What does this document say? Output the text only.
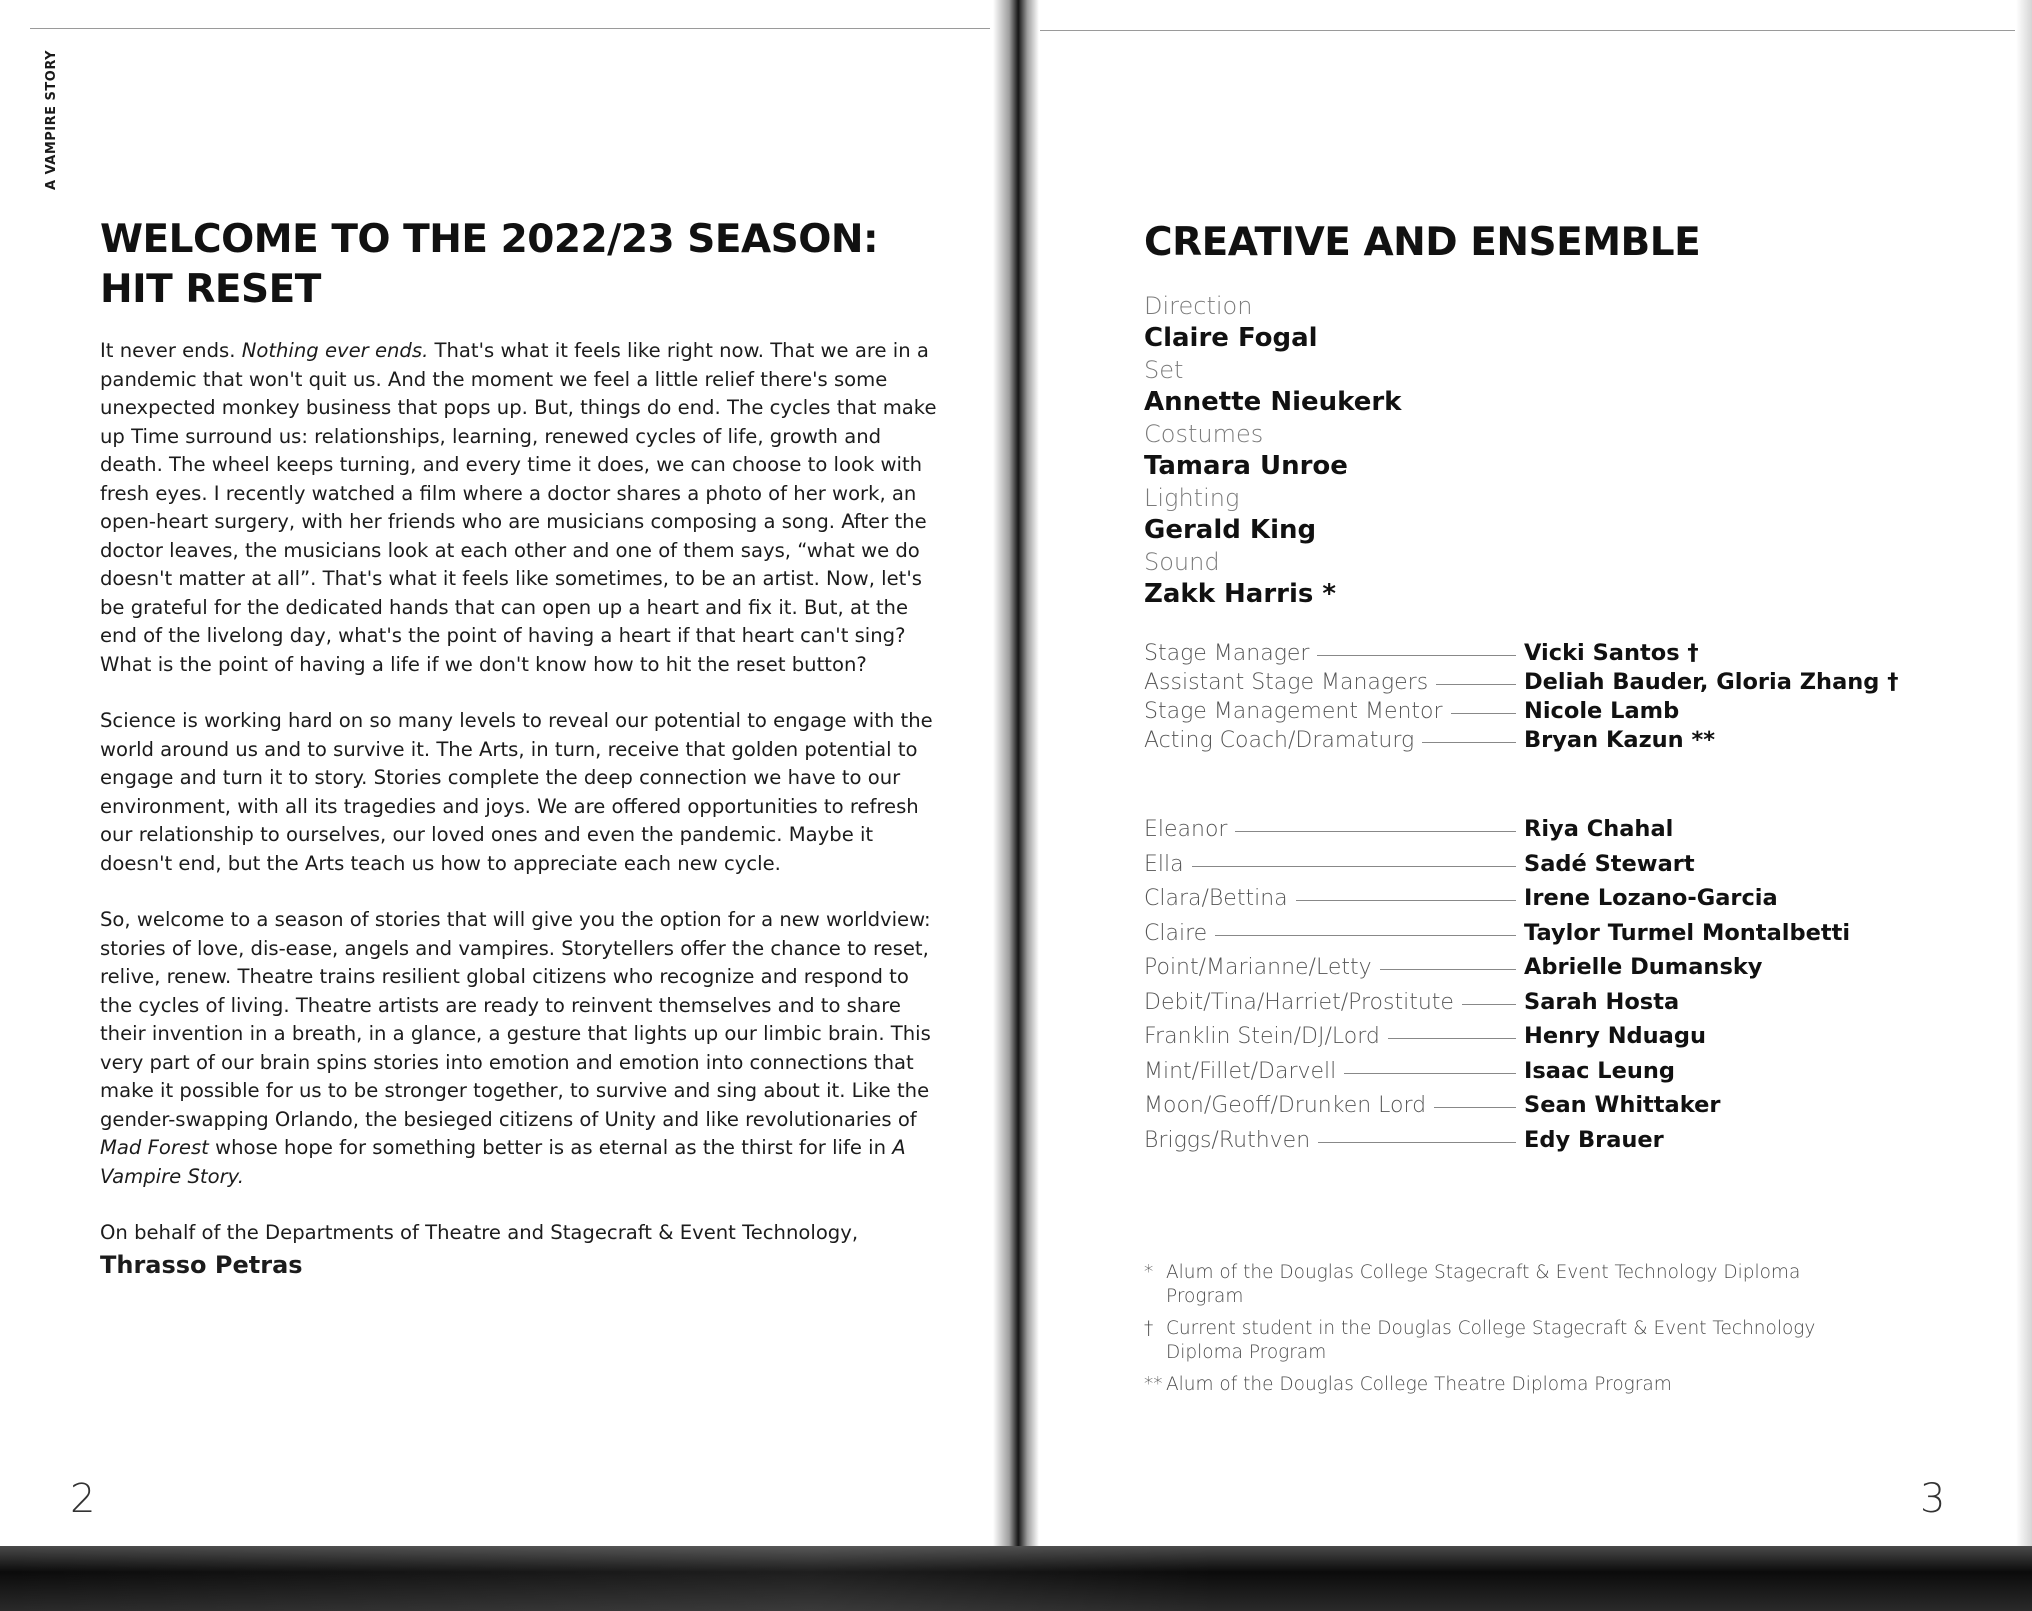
A VAMPIRE STORY
WELCOME TO THE 2022/23 SEASON:
HIT RESET

It never ends. Nothing ever ends. That's what it feels like right now. That we are in a pandemic that won't quit us. And the moment we feel a little relief there's some unexpected monkey business that pops up. But, things do end. The cycles that make up Time surround us: relationships, learning, renewed cycles of life, growth and death. The wheel keeps turning, and every time it does, we can choose to look with fresh eyes. I recently watched a film where a doctor shares a photo of her work, an open-heart surgery, with her friends who are musicians composing a song. After the doctor leaves, the musicians look at each other and one of them says, “what we do doesn't matter at all”. That's what it feels like sometimes, to be an artist. Now, let's be grateful for the dedicated hands that can open up a heart and fix it. But, at the end of the livelong day, what's the point of having a heart if that heart can't sing? What is the point of having a life if we don't know how to hit the reset button?

Science is working hard on so many levels to reveal our potential to engage with the world around us and to survive it. The Arts, in turn, receive that golden potential to engage and turn it to story. Stories complete the deep connection we have to our environment, with all its tragedies and joys. We are offered opportunities to refresh our relationship to ourselves, our loved ones and even the pandemic. Maybe it doesn't end, but the Arts teach us how to appreciate each new cycle.

So, welcome to a season of stories that will give you the option for a new worldview: stories of love, dis-ease, angels and vampires. Storytellers offer the chance to reset, relive, renew. Theatre trains resilient global citizens who recognize and respond to the cycles of living. Theatre artists are ready to reinvent themselves and to share their invention in a breath, in a glance, a gesture that lights up our limbic brain. This very part of our brain spins stories into emotion and emotion into connections that make it possible for us to be stronger together, to survive and sing about it. Like the gender-swapping Orlando, the besieged citizens of Unity and like revolutionaries of Mad Forest whose hope for something better is as eternal as the thirst for life in A Vampire Story.

On behalf of the Departments of Theatre and Stagecraft & Event Technology,

Thrasso Petras
2
CREATIVE AND ENSEMBLE
Direction
Claire Fogal
Set
Annette Nieukerk
Costumes
Tamara Unroe
Lighting
Gerald King
Sound
Zakk Harris *
Stage Manager	Vicki Santos †
Assistant Stage Managers	Deliah Bauder, Gloria Zhang †
Stage Management Mentor	Nicole Lamb
Acting Coach/Dramaturg	Bryan Kazun **
Eleanor	Riya Chahal
Ella	Sadé Stewart
Clara/Bettina	Irene Lozano-Garcia
Claire	Taylor Turmel Montalbetti
Point/Marianne/Letty	Abrielle Dumansky
Debit/Tina/Harriet/Prostitute	Sarah Hosta
Franklin Stein/DJ/Lord	Henry Nduagu
Mint/Fillet/Darvell	Isaac Leung
Moon/Geoff/Drunken Lord	Sean Whittaker
Briggs/Ruthven	Edy Brauer
* Alum of the Douglas College Stagecraft & Event Technology Diploma Program
† Current student in the Douglas College Stagecraft & Event Technology Diploma Program
** Alum of the Douglas College Theatre Diploma Program
3
